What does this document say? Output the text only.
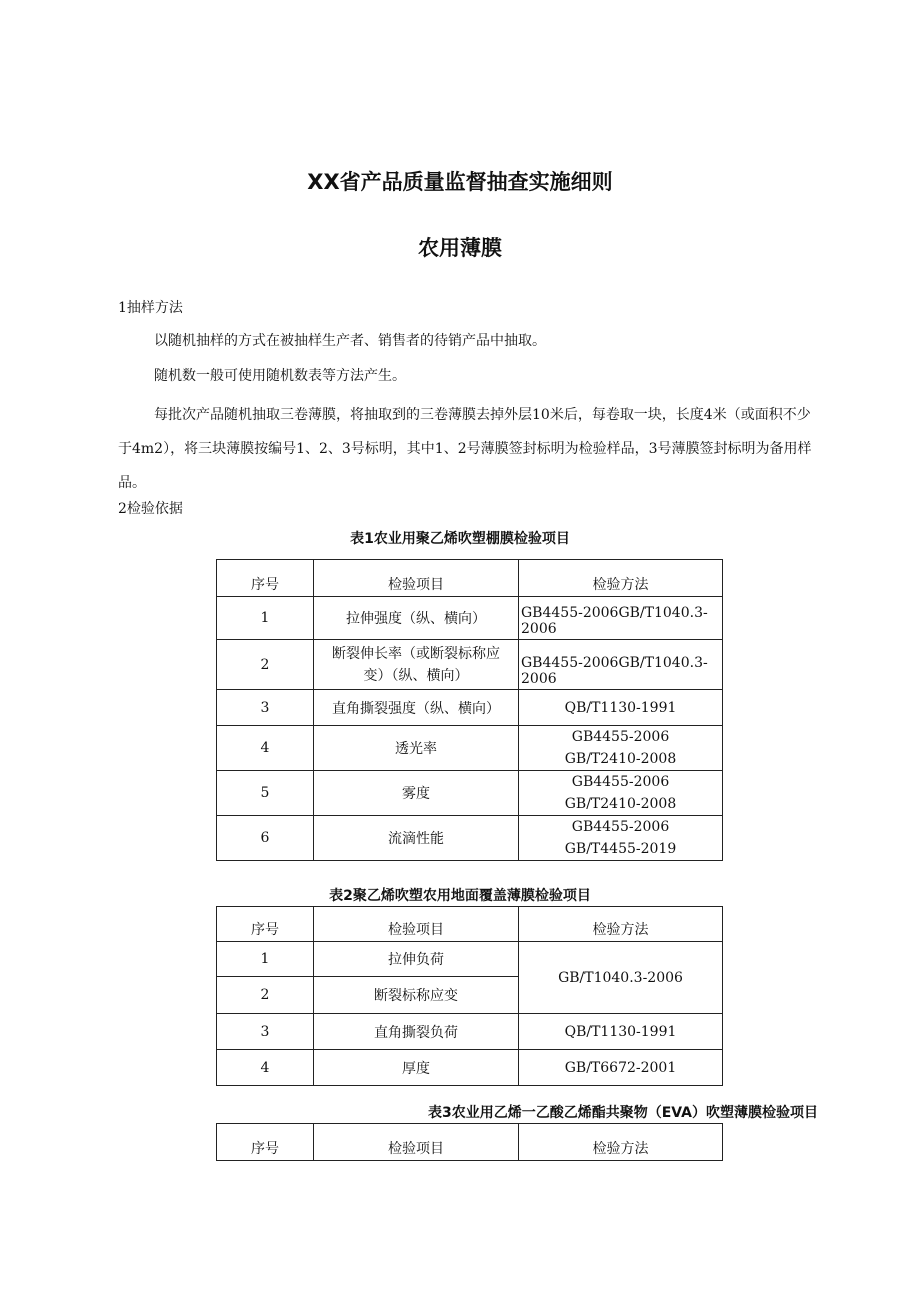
XX省产品质量监督抽查实施细则
农用薄膜

1抽样方法

以随机抽样的方式在被抽样生产者、销售者的待销产品中抽取。

随机数一般可使用随机数表等方法产生。

每批次产品随机抽取三卷薄膜，将抽取到的三卷薄膜去掉外层10米后，每卷取一块，长度4米（或面积不少于4m2），将三块薄膜按编号1、2、3号标明，其中1、2号薄膜签封标明为检验样品，3号薄膜签封标明为备用样品。

2检验依据

表1农业用聚乙烯吹塑棚膜检验项目

序号	检验项目	检验方法
1	拉伸强度（纵、横向）	GB4455-2006GB/T1040.3-2006
2	断裂伸长率（或断裂标称应
变）（纵、横向）	GB4455-2006GB/T1040.3-2006
3	直角撕裂强度（纵、横向）	QB/T1130-1991
4	透光率	GB4455-2006
GB/T2410-2008

5	雾度	GB4455-2006
GB/T2410-2008

6	流滴性能	GB4455-2006
GB/T4455-2019

表2聚乙烯吹塑农用地面覆盖薄膜检验项目

序号	检验项目	检验方法
1	拉伸负荷	GB/T1040.3-2006
2	断裂标称应变	
3	直角撕裂负荷	QB/T1130-1991
4	厚度	GB/T6672-2001

表3农业用乙烯一乙酸乙烯酯共聚物（EVA）吹塑薄膜检验项目

序号	检验项目	检验方法
